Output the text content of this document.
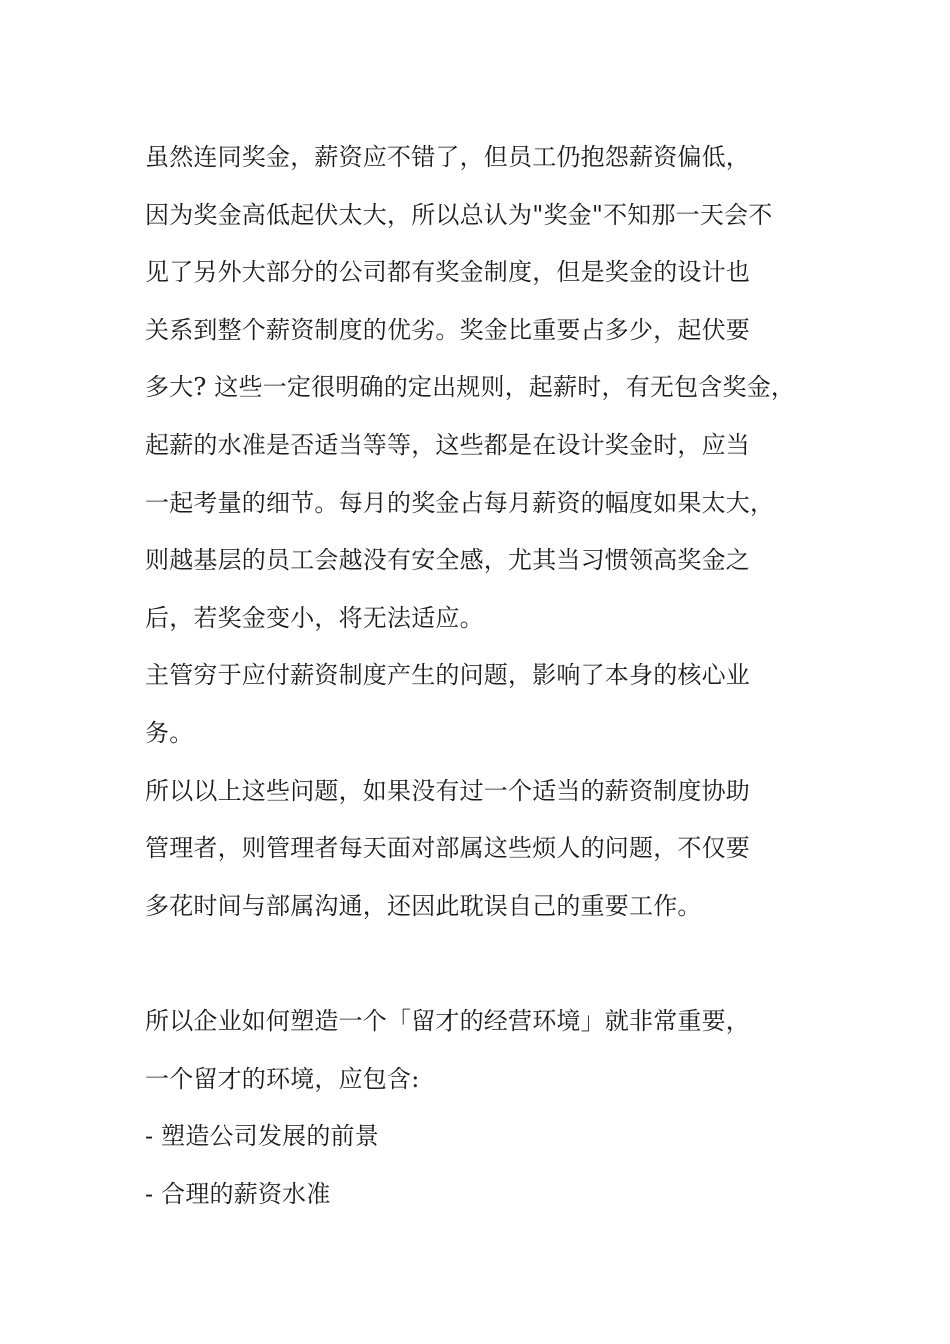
虽然连同奖金，薪资应不错了，但员工仍抱怨薪资偏低，
因为奖金高低起伏太大，所以总认为"奖金"不知那一天会不
见了另外大部分的公司都有奖金制度，但是奖金的设计也
关系到整个薪资制度的优劣。奖金比重要占多少，起伏要
多大? 这些一定很明确的定出规则，起薪时，有无包含奖金，
起薪的水准是否适当等等，这些都是在设计奖金时，应当
一起考量的细节。每月的奖金占每月薪资的幅度如果太大，
则越基层的员工会越没有安全感，尤其当习惯领高奖金之
后，若奖金变小，将无法适应。
主管穷于应付薪资制度产生的问题，影响了本身的核心业
务。
所以以上这些问题，如果没有过一个适当的薪资制度协助
管理者，则管理者每天面对部属这些烦人的问题，不仅要
多花时间与部属沟通，还因此耽误自己的重要工作。
所以企业如何塑造一个「留才的经营环境」就非常重要，
一个留才的环境，应包含:
- 塑造公司发展的前景
- 合理的薪资水准
